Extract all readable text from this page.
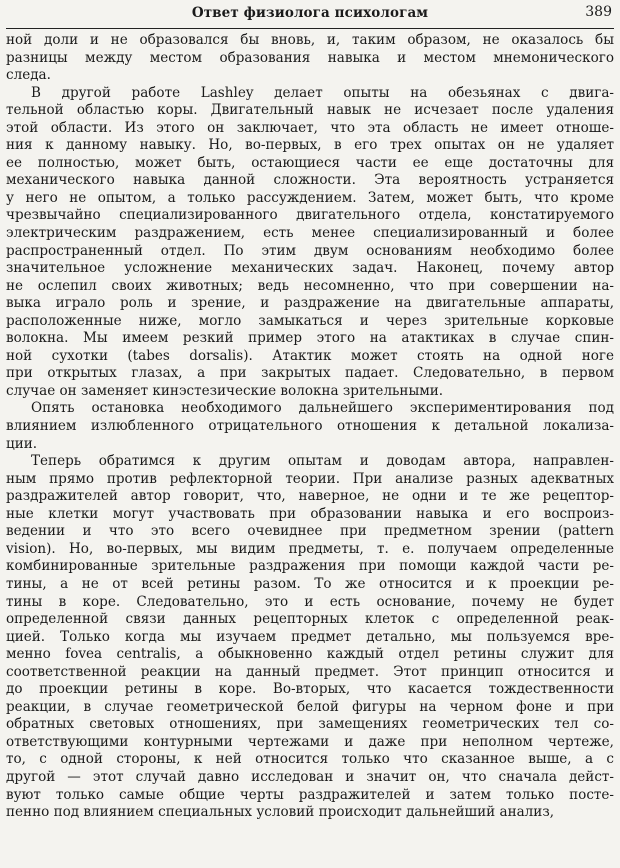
Ответ физиолога психологам	389
ной доли и не образовался бы вновь, и, таким образом, не оказалось бы
разницы между местом образования навыка и местом мнемонического
следа.
В другой работе Lashley делает опыты на обезьянах с двига-
тельной областью коры. Двигательный навык не исчезает после удаления
этой области. Из этого он заключает, что эта область не имеет отноше-
ния к данному навыку. Но, во-первых, в его трех опытах он не удаляет
ее полностью, может быть, остающиеся части ее еще достаточны для
механического навыка данной сложности. Эта вероятность устраняется
у него не опытом, а только рассуждением. Затем, может быть, что кроме
чрезвычайно специализированного двигательного отдела, констатируемого
электрическим раздражением, есть менее специализированный и более
распространенный отдел. По этим двум основаниям необходимо более
значительное усложнение механических задач. Наконец, почему автор
не ослепил своих животных; ведь несомненно, что при совершении на-
выка играло роль и зрение, и раздражение на двигательные аппараты,
расположенные ниже, могло замыкаться и через зрительные корковые
волокна. Мы имеем резкий пример этого на атактиках в случае спин-
ной сухотки (tabes dorsalis). Атактик может стоять на одной ноге
при открытых глазах, а при закрытых падает. Следовательно, в первом
случае он заменяет кинэстезические волокна зрительными.
Опять остановка необходимого дальнейшего экспериментирования под
влиянием излюбленного отрицательного отношения к детальной локализа-
ции.
Теперь обратимся к другим опытам и доводам автора, направлен-
ным прямо против рефлекторной теории. При анализе разных адекватных
раздражителей автор говорит, что, наверное, не одни и те же рецептор-
ные клетки могут участвовать при образовании навыка и его воспроиз-
ведении и что это всего очевиднее при предметном зрении (pattern
vision). Но, во-первых, мы видим предметы, т. е. получаем определенные
комбинированные зрительные раздражения при помощи каждой части ре-
тины, а не от всей ретины разом. То же относится и к проекции ре-
тины в коре. Следовательно, это и есть основание, почему не будет
определенной связи данных рецепторных клеток с определенной реак-
цией. Только когда мы изучаем предмет детально, мы пользуемся вре-
менно fovea centralis, а обыкновенно каждый отдел ретины служит для
соответственной реакции на данный предмет. Этот принцип относится и
до проекции ретины в коре. Во-вторых, что касается тождественности
реакции, в случае геометрической белой фигуры на черном фоне и при
обратных световых отношениях, при замещениях геометрических тел со-
ответствующими контурными чертежами и даже при неполном чертеже,
то, с одной стороны, к ней относится только что сказанное выше, а с
другой — этот случай давно исследован и значит он, что сначала дейст-
вуют только самые общие черты раздражителей и затем только посте-
пенно под влиянием специальных условий происходит дальнейший анализ,
